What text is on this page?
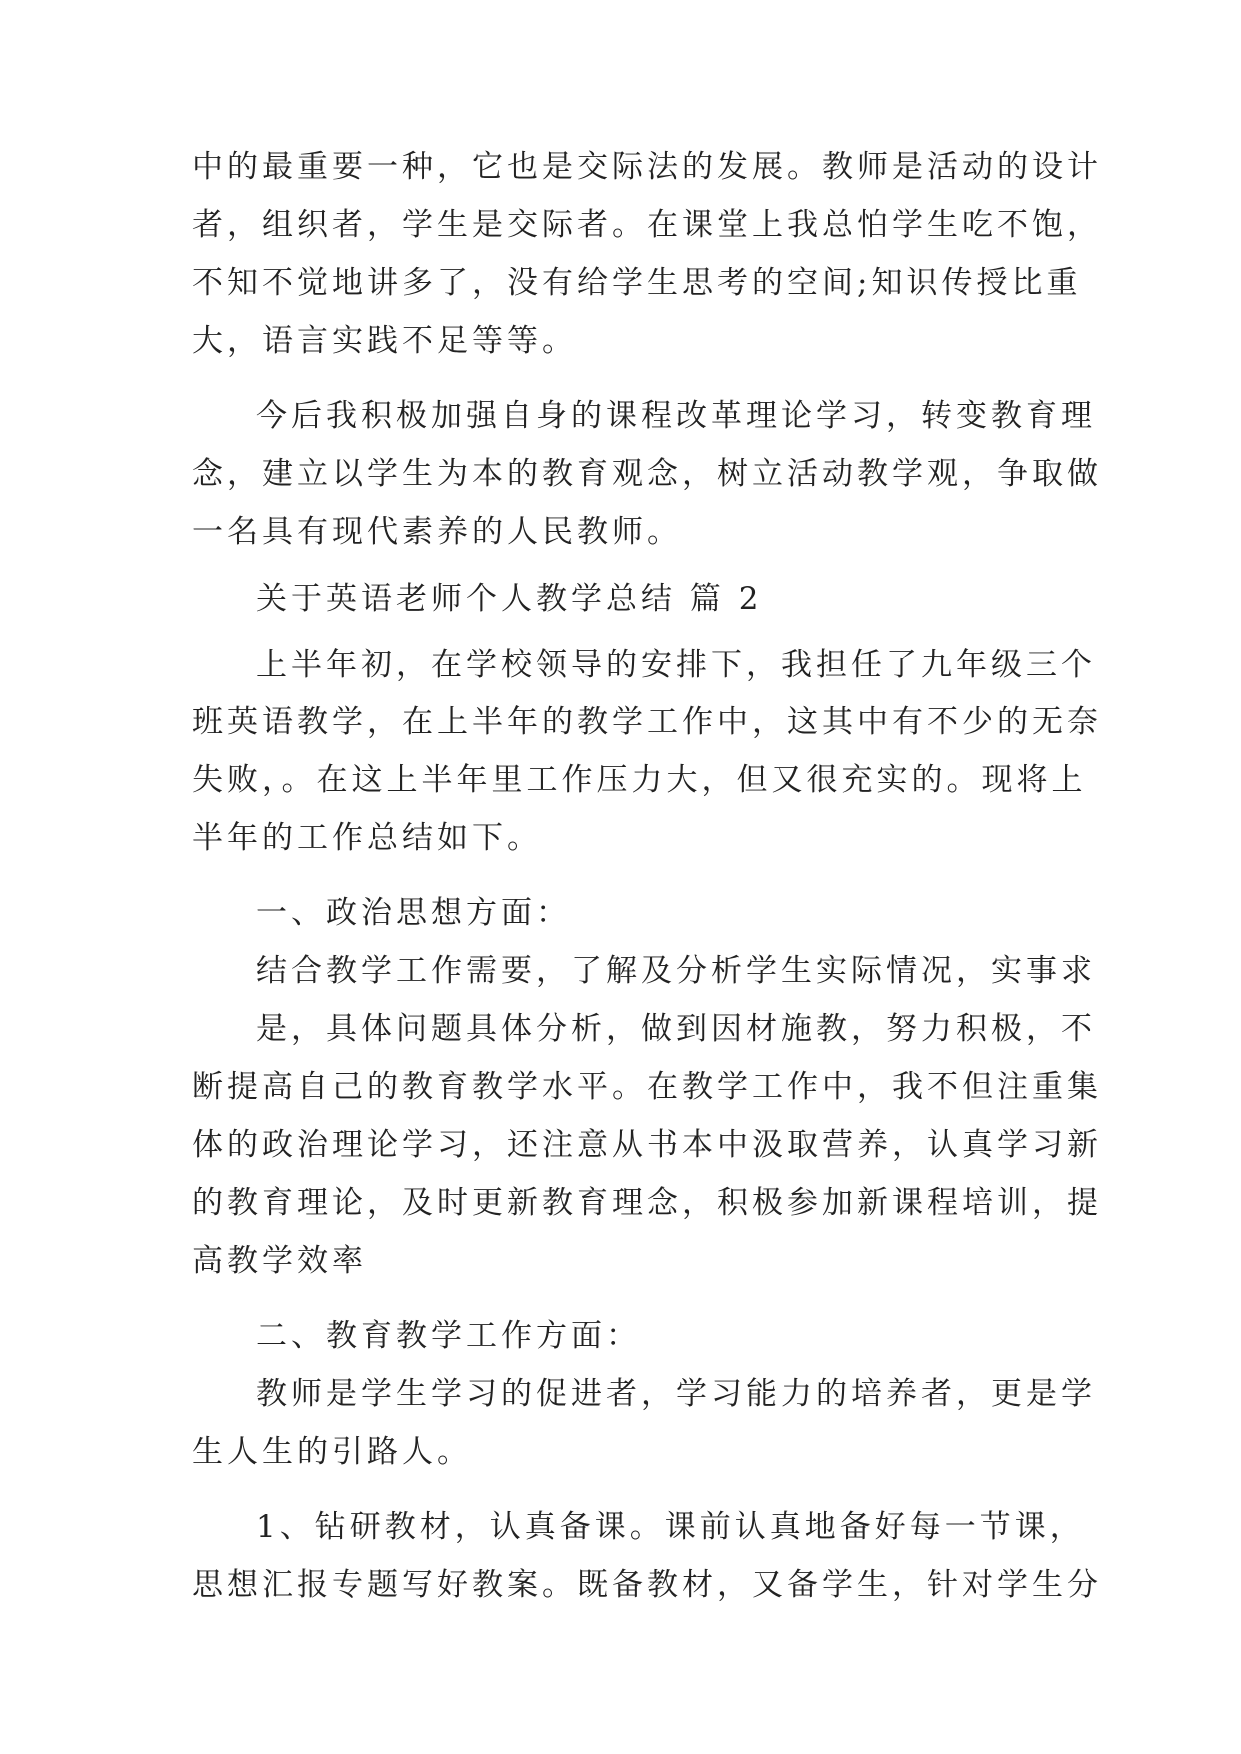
中的最重要一种，它也是交际法的发展。教师是活动的设计
者，组织者，学生是交际者。在课堂上我总怕学生吃不饱，
不知不觉地讲多了，没有给学生思考的空间;知识传授比重
大，语言实践不足等等。
今后我积极加强自身的课程改革理论学习，转变教育理
念，建立以学生为本的教育观念，树立活动教学观，争取做
一名具有现代素养的人民教师。
关于英语老师个人教学总结 篇 2
上半年初，在学校领导的安排下，我担任了九年级三个
班英语教学，在上半年的教学工作中，这其中有不少的无奈
失败，。在这上半年里工作压力大，但又很充实的。现将上
半年的工作总结如下。
一、政治思想方面：
结合教学工作需要，了解及分析学生实际情况，实事求
是，具体问题具体分析，做到因材施教，努力积极，不
断提高自己的教育教学水平。在教学工作中，我不但注重集
体的政治理论学习，还注意从书本中汲取营养，认真学习新
的教育理论，及时更新教育理念，积极参加新课程培训，提
高教学效率
二、教育教学工作方面：
教师是学生学习的促进者，学习能力的培养者，更是学
生人生的引路人。
1、钻研教材，认真备课。课前认真地备好每一节课，
思想汇报专题写好教案。既备教材，又备学生，针对学生分
